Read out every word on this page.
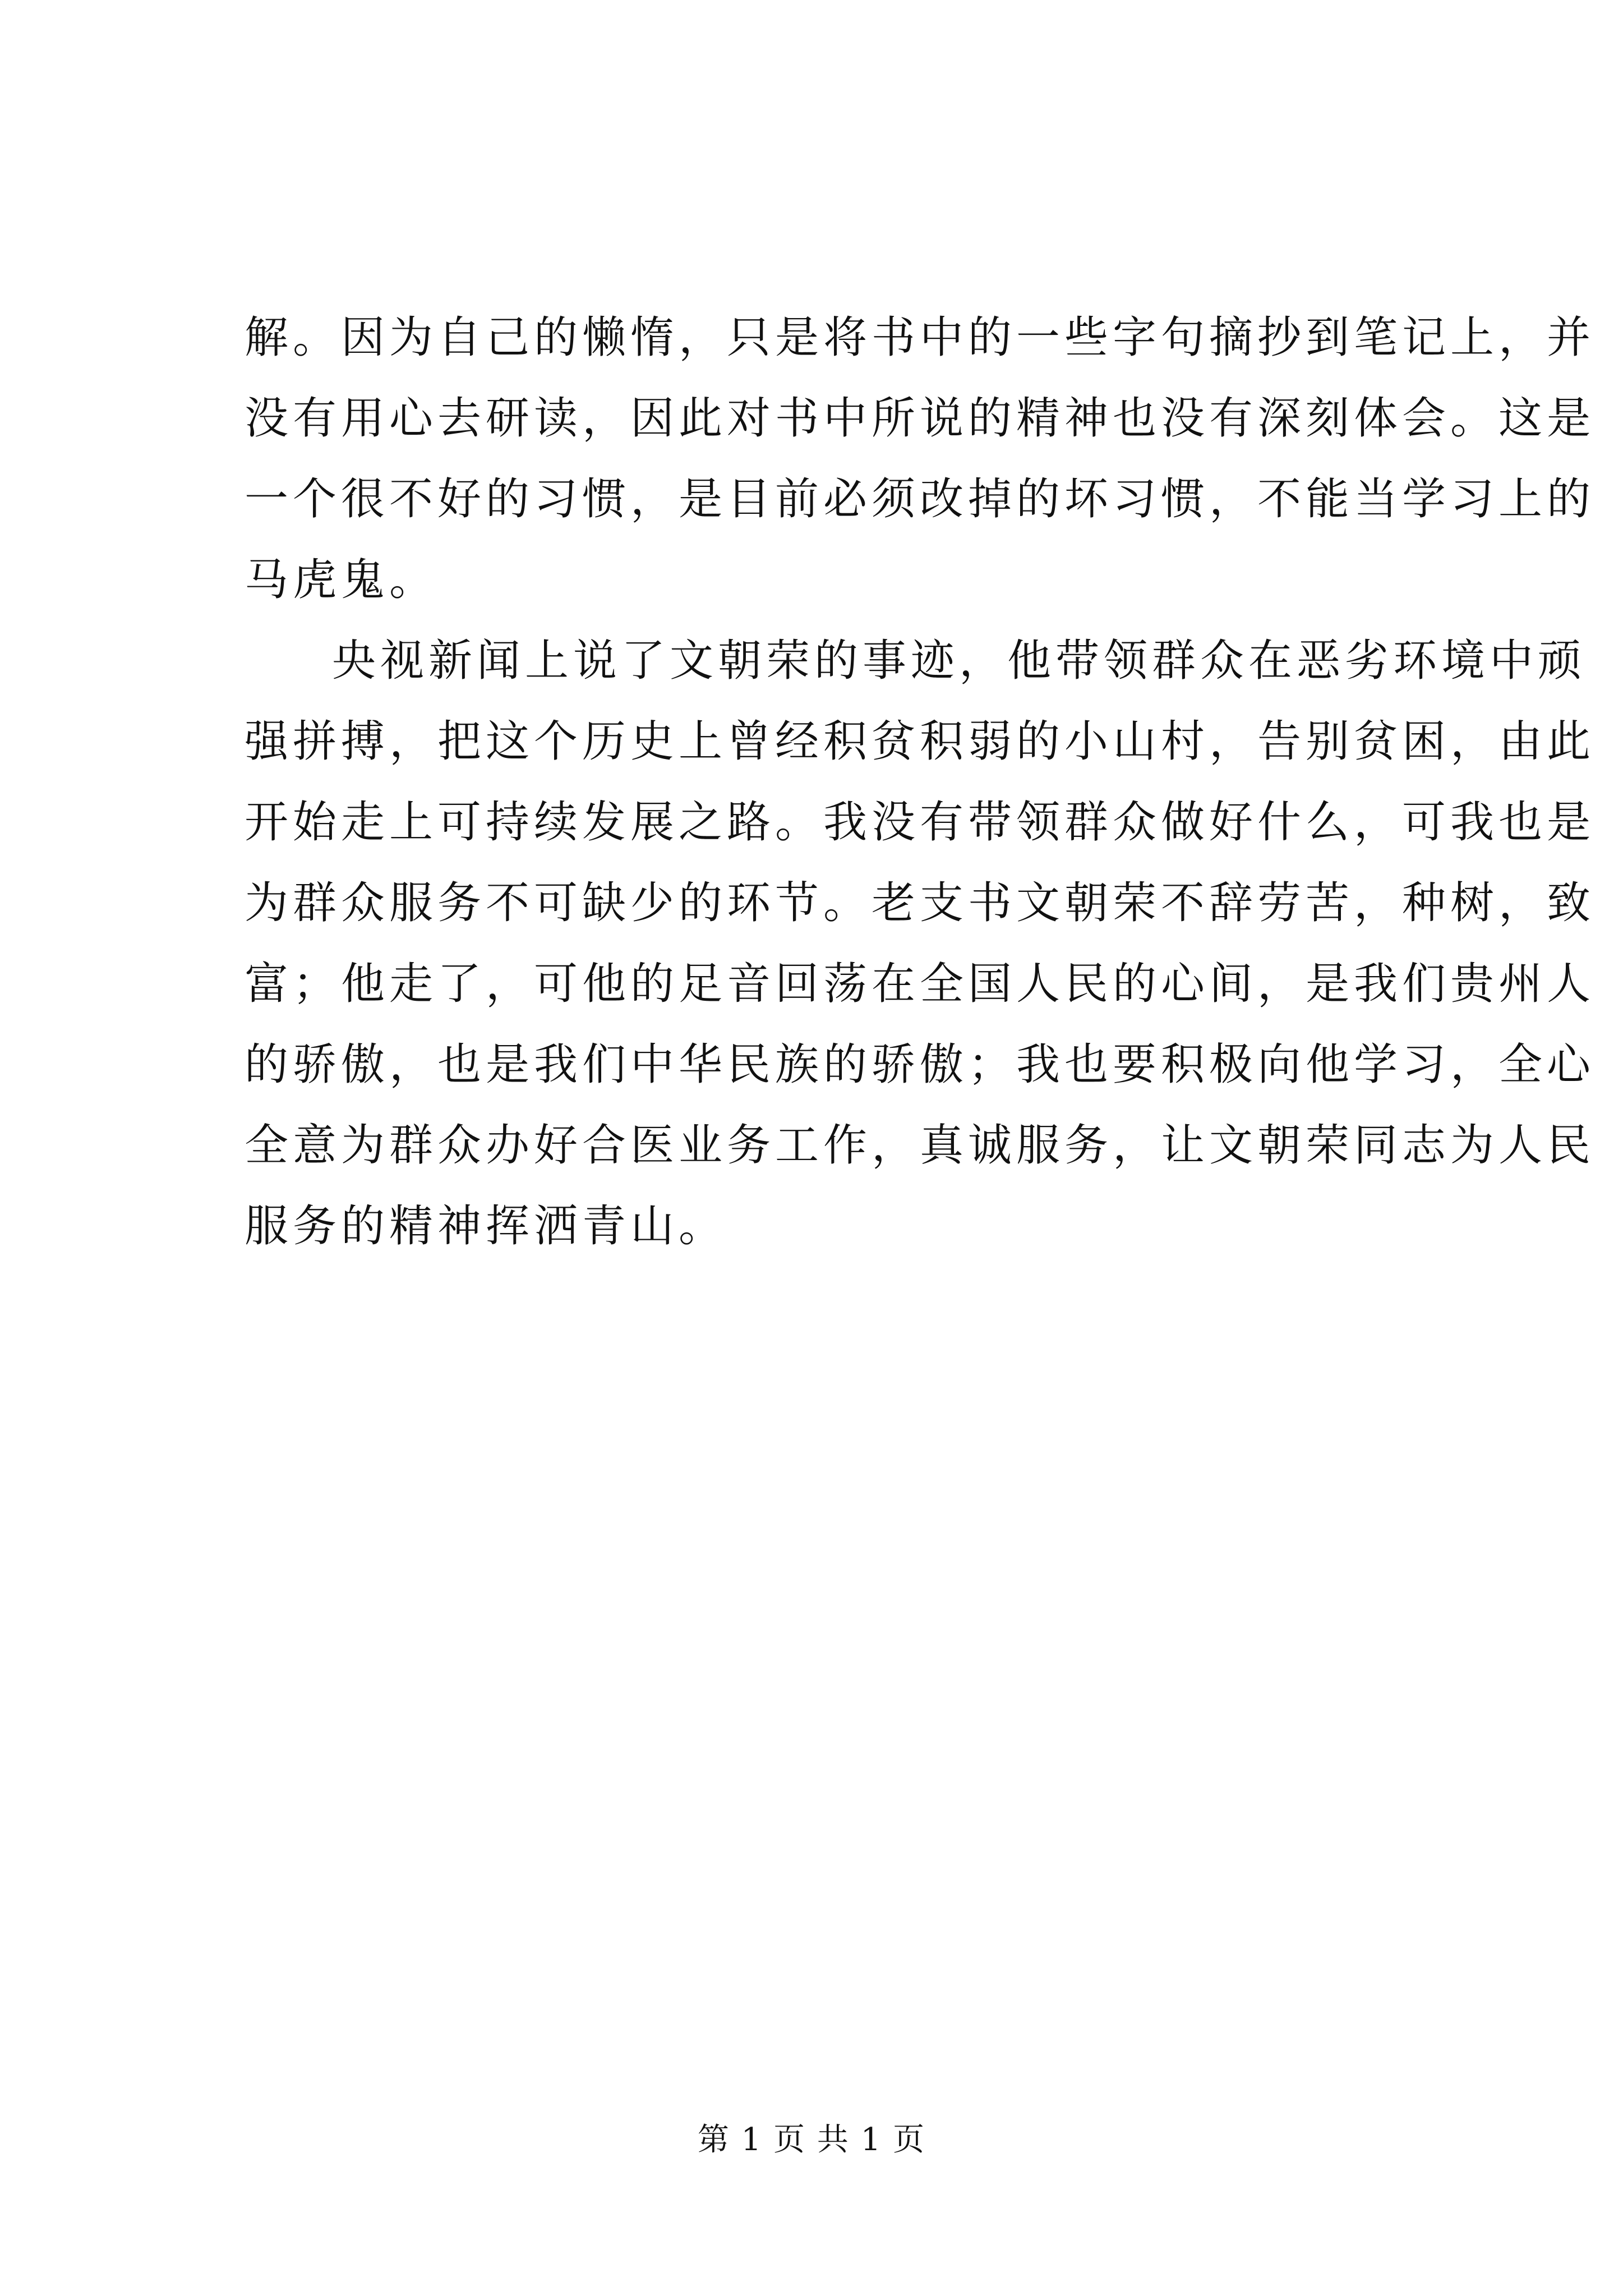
解。因为自己的懒惰，只是将书中的一些字句摘抄到笔记上，并
没有用心去研读，因此对书中所说的精神也没有深刻体会。这是
一个很不好的习惯，是目前必须改掉的坏习惯，不能当学习上的
马虎鬼。
央视新闻上说了文朝荣的事迹，他带领群众在恶劣环境中顽
强拼搏，把这个历史上曾经积贫积弱的小山村，告别贫困，由此
开始走上可持续发展之路。我没有带领群众做好什么，可我也是
为群众服务不可缺少的环节。老支书文朝荣不辞劳苦，种树，致
富；他走了，可他的足音回荡在全国人民的心间，是我们贵州人
的骄傲，也是我们中华民族的骄傲；我也要积极向他学习，全心
全意为群众办好合医业务工作，真诚服务，让文朝荣同志为人民
服务的精神挥洒青山。
第 1 页 共 1 页
